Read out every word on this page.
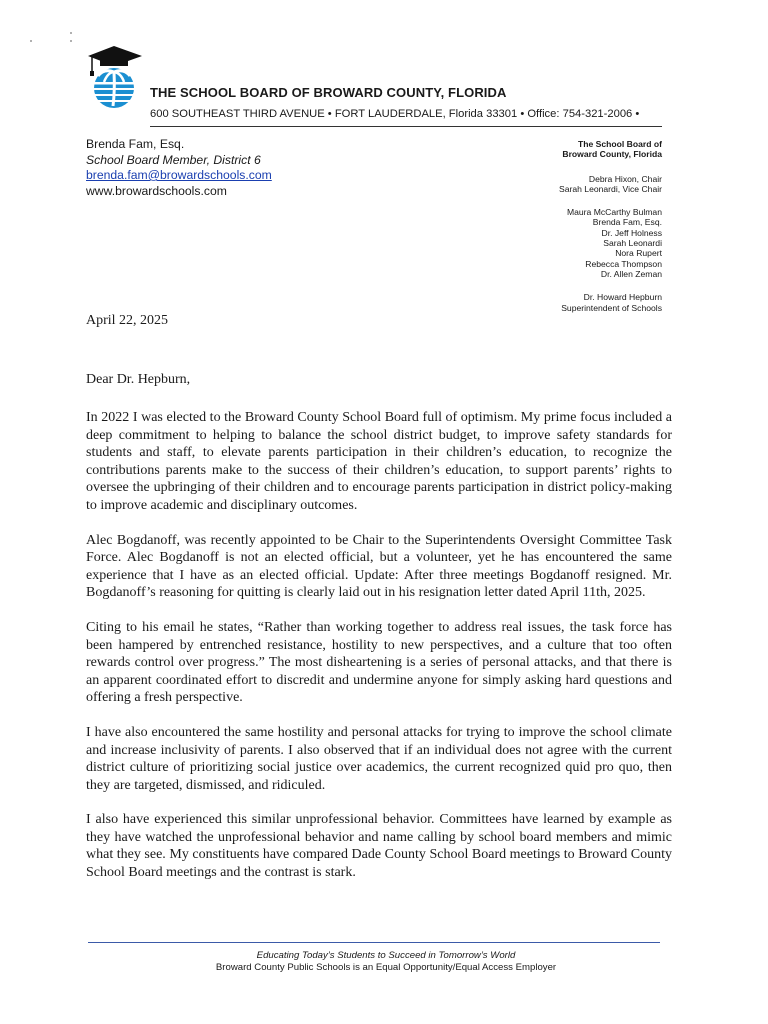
THE SCHOOL BOARD OF BROWARD COUNTY, FLORIDA
600 SOUTHEAST THIRD AVENUE • FORT LAUDERDALE, Florida 33301 • Office: 754-321-2006 •
Brenda Fam, Esq.
School Board Member, District 6
brenda.fam@browardschools.com
www.browardschools.com
The School Board of
Broward County, Florida
Debra Hixon, Chair
Sarah Leonardi, Vice Chair
Maura McCarthy Bulman
Brenda Fam, Esq.
Dr. Jeff Holness
Sarah Leonardi
Nora Rupert
Rebecca Thompson
Dr. Allen Zeman
Dr. Howard Hepburn
Superintendent of Schools
April 22, 2025
Dear Dr. Hepburn,

In 2022 I was elected to the Broward County School Board full of optimism. My prime focus included a deep commitment to helping to balance the school district budget, to improve safety standards for students and staff, to elevate parents participation in their children’s education, to recognize the contributions parents make to the success of their children’s education, to support parents’ rights to oversee the upbringing of their children and to encourage parents participation in district policy-making to improve academic and disciplinary outcomes.

Alec Bogdanoff, was recently appointed to be Chair to the Superintendents Oversight Committee Task Force. Alec Bogdanoff is not an elected official, but a volunteer, yet he has encountered the same experience that I have as an elected official. Update: After three meetings Bogdanoff resigned. Mr. Bogdanoff’s reasoning for quitting is clearly laid out in his resignation letter dated April 11th, 2025.

Citing to his email he states, “Rather than working together to address real issues, the task force has been hampered by entrenched resistance, hostility to new perspectives, and a culture that too often rewards control over progress.” The most disheartening is a series of personal attacks, and that there is an apparent coordinated effort to discredit and undermine anyone for simply asking hard questions and offering a fresh perspective.

I have also encountered the same hostility and personal attacks for trying to improve the school climate and increase inclusivity of parents. I also observed that if an individual does not agree with the current district culture of prioritizing social justice over academics, the current recognized quid pro quo, then they are targeted, dismissed, and ridiculed.

I also have experienced this similar unprofessional behavior. Committees have learned by example as they have watched the unprofessional behavior and name calling by school board members and mimic what they see. My constituents have compared Dade County School Board meetings to Broward County School Board meetings and the contrast is stark.

Educating Today’s Students to Succeed in Tomorrow’s World
Broward County Public Schools is an Equal Opportunity/Equal Access Employer
